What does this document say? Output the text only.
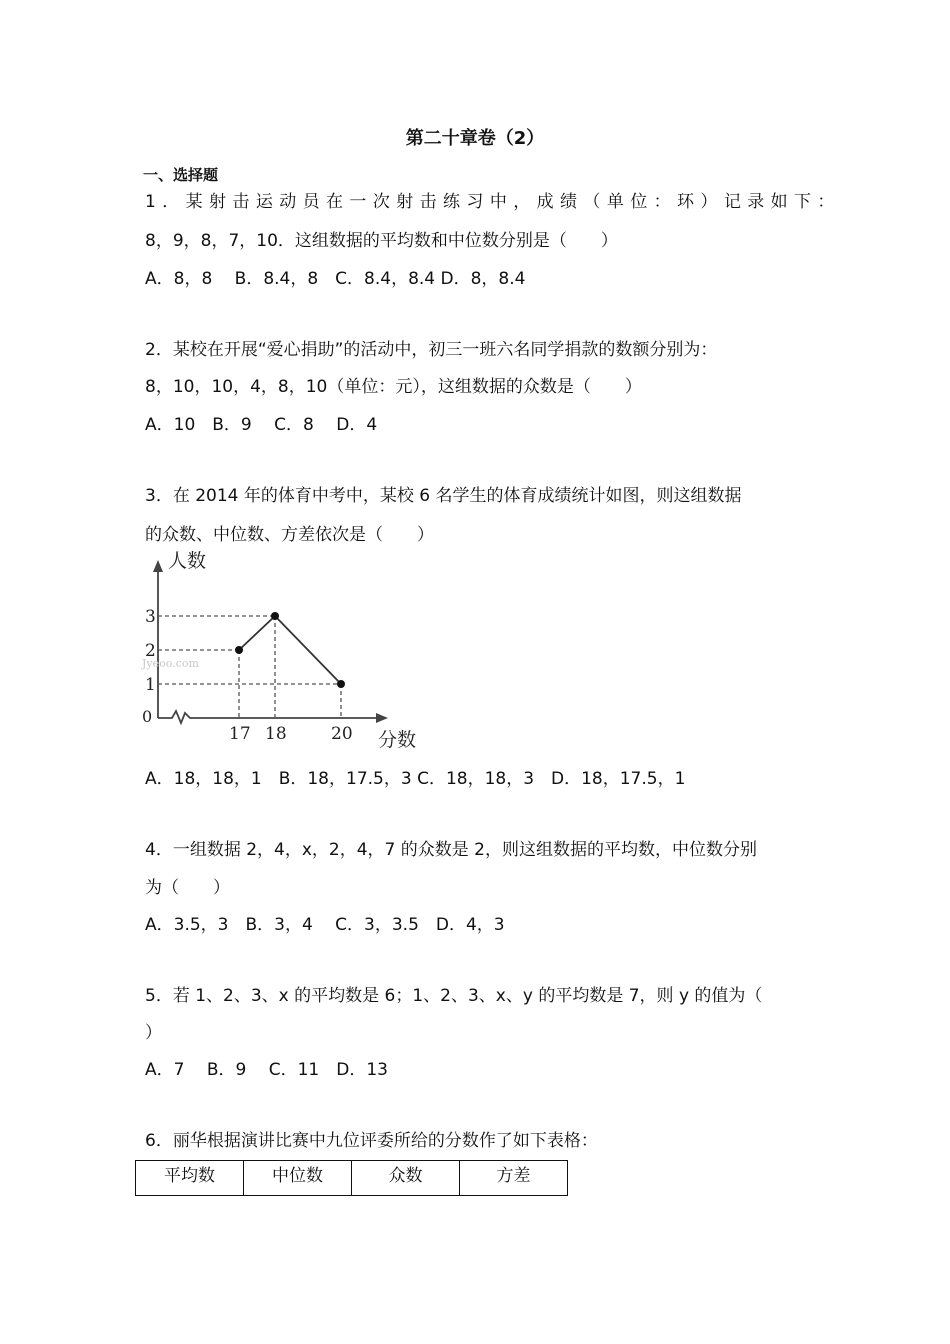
第二十章卷（2）
一、选择题
1．某射击运动员在一次射击练习中，成绩（单位：环）记录如下：
8，9，8，7，10．这组数据的平均数和中位数分别是（　　）
A．8，8　 B．8.4，8　C．8.4，8.4 D．8，8.4
2．某校在开展“爱心捐助”的活动中，初三一班六名同学捐款的数额分别为：
8，10，10，4，8，10（单位：元），这组数据的众数是（　　）
A．10　B．9　 C．8　 D．4
3．在 2014 年的体育中考中，某校 6 名学生的体育成绩统计如图，则这组数据
的众数、中位数、方差依次是（　　）
人数
分数
0
Jyeoo.com
1
2
3
17 18	20
A．18，18，1　B．18，17.5，3 C．18，18，3　D．18，17.5，1
4．一组数据 2，4，x，2，4，7 的众数是 2，则这组数据的平均数，中位数分别
为（　　）
A．3.5，3　B．3，4　 C．3，3.5　D．4，3
5．若 1、2、3、x 的平均数是 6；1、2、3、x、y 的平均数是 7，则 y 的值为（
）
A．7　 B．9　 C．11　D．13
6．丽华根据演讲比赛中九位评委所给的分数作了如下表格：
平均数	中位数	众数	方差
